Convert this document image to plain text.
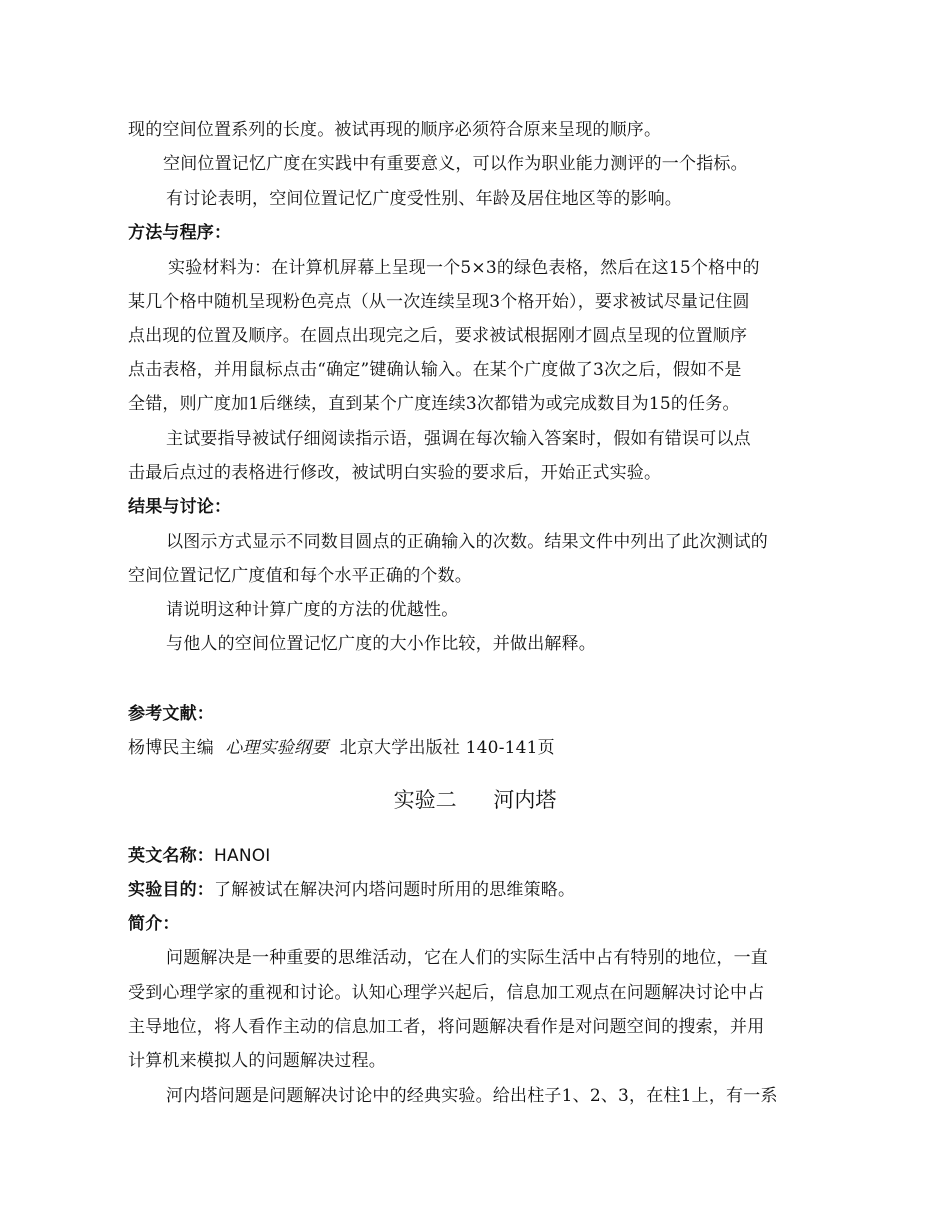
现的空间位置系列的长度。被试再现的顺序必须符合原来呈现的顺序。
空间位置记忆广度在实践中有重要意义，可以作为职业能力测评的一个指标。
有讨论表明，空间位置记忆广度受性别、年龄及居住地区等的影响。
方法与程序：
实验材料为：在计算机屏幕上呈现一个5×3的绿色表格，然后在这15个格中的
某几个格中随机呈现粉色亮点（从一次连续呈现3个格开始），要求被试尽量记住圆
点出现的位置及顺序。在圆点出现完之后，要求被试根据刚才圆点呈现的位置顺序
点击表格，并用鼠标点击“确定”键确认输入。在某个广度做了3次之后，假如不是
全错，则广度加1后继续，直到某个广度连续3次都错为或完成数目为15的任务。
主试要指导被试仔细阅读指示语，强调在每次输入答案时，假如有错误可以点
击最后点过的表格进行修改，被试明白实验的要求后，开始正式实验。
结果与讨论：
以图示方式显示不同数目圆点的正确输入的次数。结果文件中列出了此次测试的
空间位置记忆广度值和每个水平正确的个数。
请说明这种计算广度的方法的优越性。
与他人的空间位置记忆广度的大小作比较，并做出解释。
参考文献：
杨博民主编 心理实验纲要 北京大学出版社 140-141页
实验二 河内塔
英文名称：HANOI
实验目的：了解被试在解决河内塔问题时所用的思维策略。
简介：
问题解决是一种重要的思维活动，它在人们的实际生活中占有特别的地位，一直
受到心理学家的重视和讨论。认知心理学兴起后，信息加工观点在问题解决讨论中占
主导地位，将人看作主动的信息加工者，将问题解决看作是对问题空间的搜索，并用
计算机来模拟人的问题解决过程。
河内塔问题是问题解决讨论中的经典实验。给出柱子1、2、3，在柱1上，有一系
